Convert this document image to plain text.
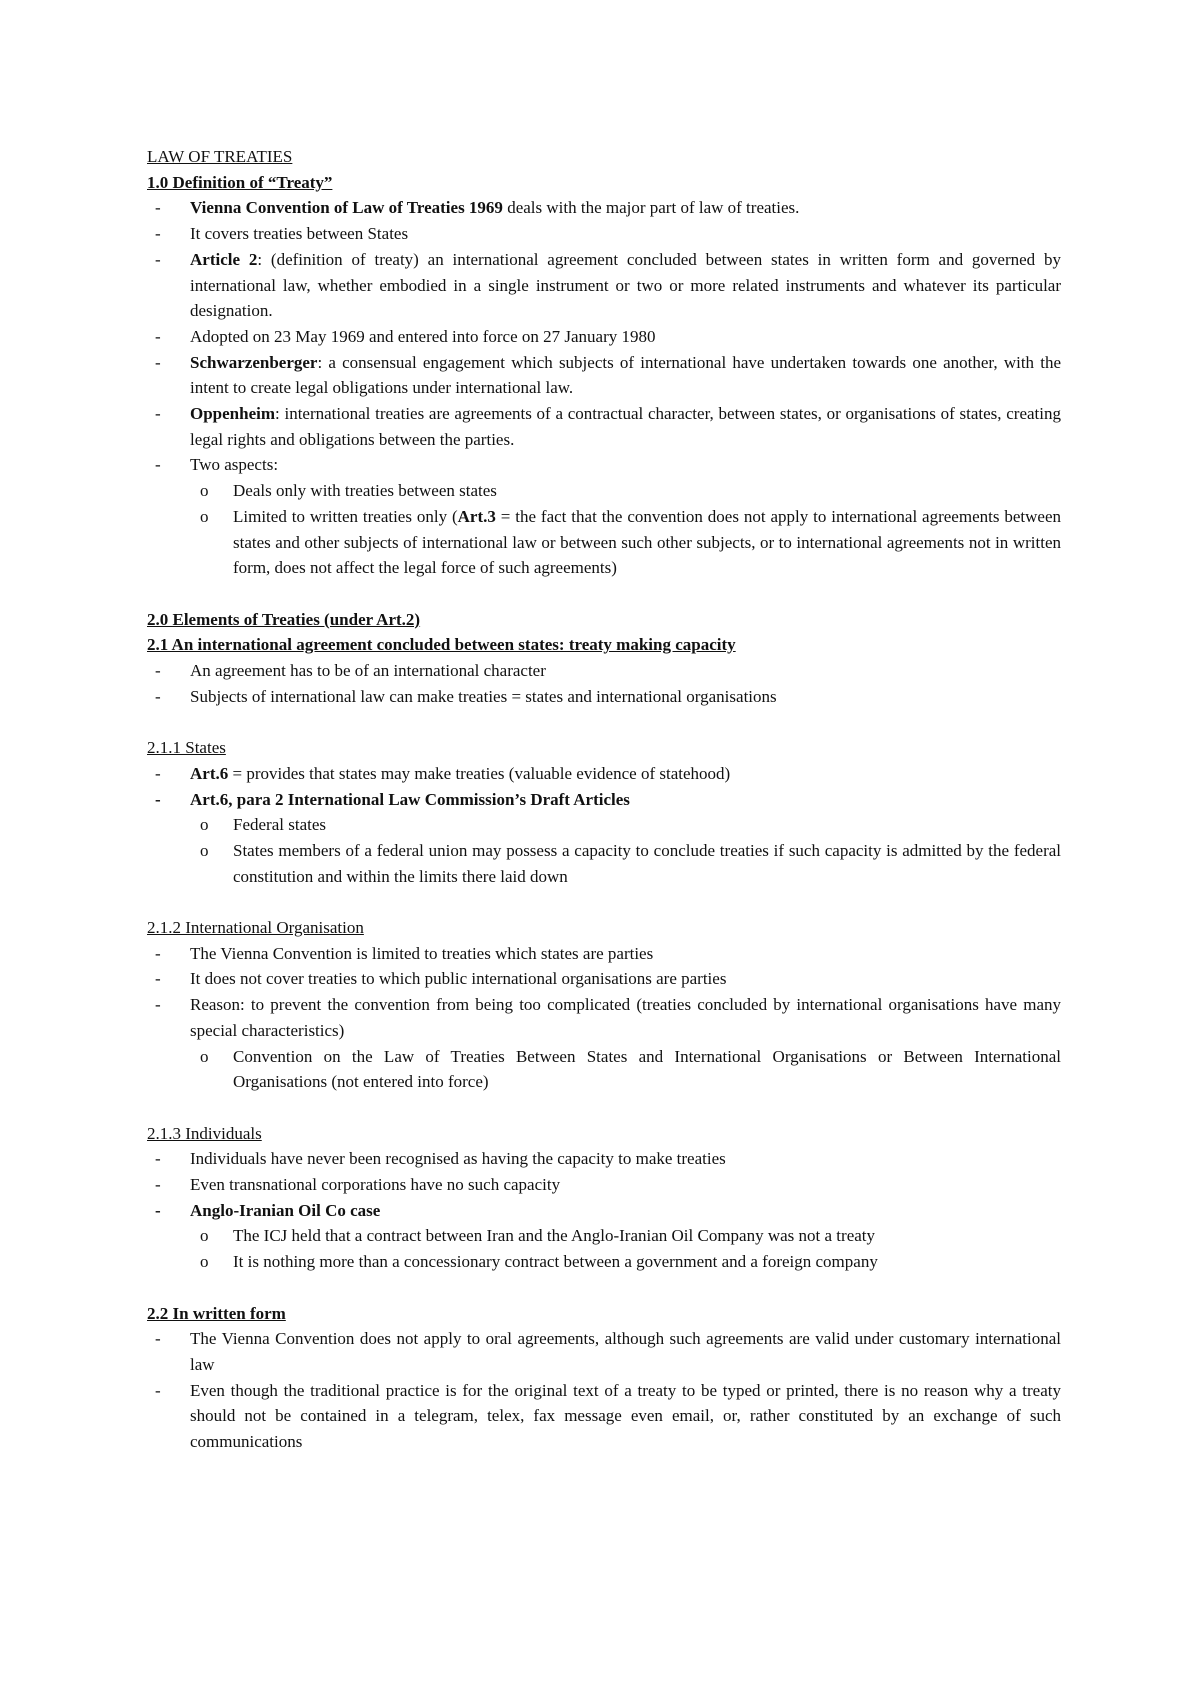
LAW OF TREATIES
1.0 Definition of “Treaty”
- Vienna Convention of Law of Treaties 1969 deals with the major part of law of treaties.
- It covers treaties between States
- Article 2: (definition of treaty) an international agreement concluded between states in written form and governed by international law, whether embodied in a single instrument or two or more related instruments and whatever its particular designation.
- Adopted on 23 May 1969 and entered into force on 27 January 1980
- Schwarzenberger: a consensual engagement which subjects of international have undertaken towards one another, with the intent to create legal obligations under international law.
- Oppenheim: international treaties are agreements of a contractual character, between states, or organisations of states, creating legal rights and obligations between the parties.
- Two aspects:
o Deals only with treaties between states
o Limited to written treaties only (Art.3 = the fact that the convention does not apply to international agreements between states and other subjects of international law or between such other subjects, or to international agreements not in written form, does not affect the legal force of such agreements)
2.0 Elements of Treaties (under Art.2)
2.1 An international agreement concluded between states: treaty making capacity
- An agreement has to be of an international character
- Subjects of international law can make treaties = states and international organisations
2.1.1 States
- Art.6 = provides that states may make treaties (valuable evidence of statehood)
- Art.6, para 2 International Law Commission’s Draft Articles
o Federal states
o States members of a federal union may possess a capacity to conclude treaties if such capacity is admitted by the federal constitution and within the limits there laid down
2.1.2 International Organisation
- The Vienna Convention is limited to treaties which states are parties
- It does not cover treaties to which public international organisations are parties
- Reason: to prevent the convention from being too complicated (treaties concluded by international organisations have many special characteristics)
o Convention on the Law of Treaties Between States and International Organisations or Between International Organisations (not entered into force)
2.1.3 Individuals
- Individuals have never been recognised as having the capacity to make treaties
- Even transnational corporations have no such capacity
- Anglo-Iranian Oil Co case
o The ICJ held that a contract between Iran and the Anglo-Iranian Oil Company was not a treaty
o It is nothing more than a concessionary contract between a government and a foreign company
2.2 In written form
- The Vienna Convention does not apply to oral agreements, although such agreements are valid under customary international law
- Even though the traditional practice is for the original text of a treaty to be typed or printed, there is no reason why a treaty should not be contained in a telegram, telex, fax message even email, or, rather constituted by an exchange of such communications
